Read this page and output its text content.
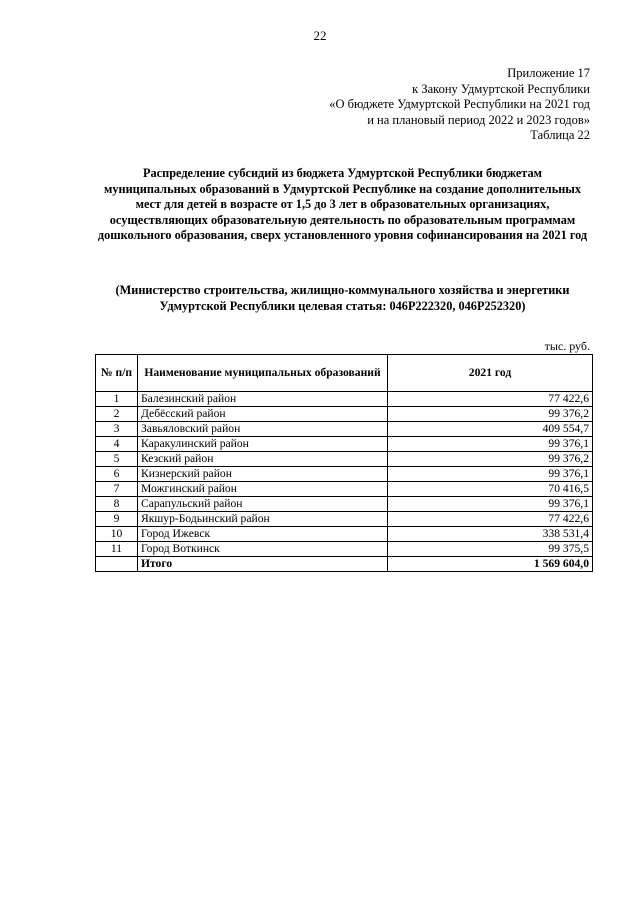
22
Приложение 17
к Закону Удмуртской Республики
«О бюджете Удмуртской Республики на 2021 год
и на плановый период 2022 и 2023 годов»
Таблица 22
Распределение субсидий из бюджета Удмуртской Республики бюджетам
муниципальных образований в Удмуртской Республике на создание дополнительных
мест для детей в возрасте от 1,5 до 3 лет в образовательных организациях,
осуществляющих образовательную деятельность по образовательным программам
дошкольного образования, сверх установленного уровня софинансирования на 2021 год
(Министерство строительства, жилищно-коммунального хозяйства и энергетики
Удмуртской Республики целевая статья: 046P222320, 046P252320)
тыс. руб.
№ п/п	Наименование муниципальных образований	2021 год
1	Балезинский район	77 422,6
2	Дебёсский район	99 376,2
3	Завьяловский район	409 554,7
4	Каракулинский район	99 376,1
5	Кезский район	99 376,2
6	Кизнерский район	99 376,1
7	Можгинский район	70 416,5
8	Сарапульский район	99 376,1
9	Якшур-Бодьинский район	77 422,6
10	Город Ижевск	338 531,4
11	Город Воткинск	99 375,5
	Итого	1 569 604,0
